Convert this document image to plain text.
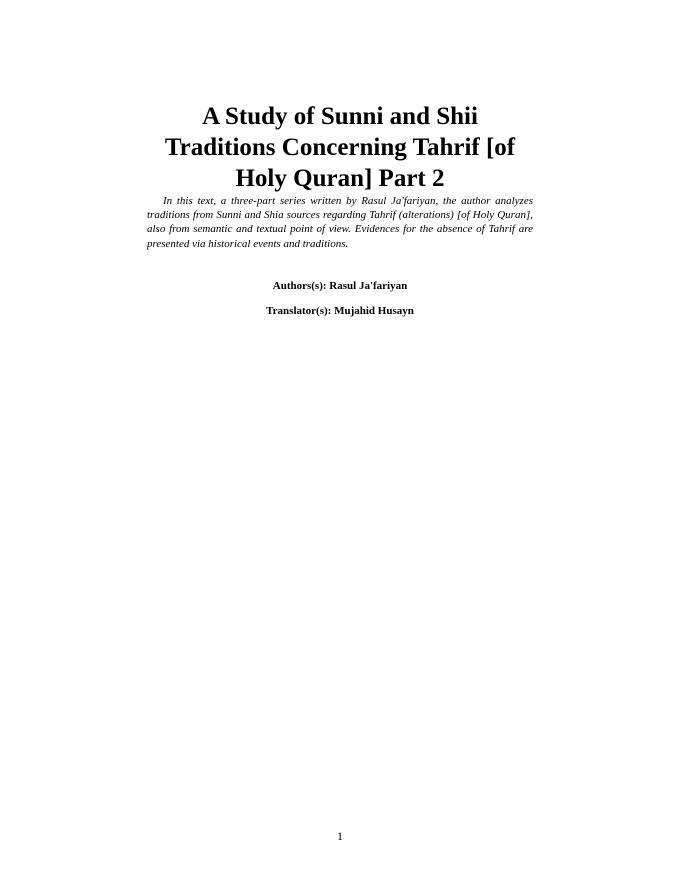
A Study of Sunni and Shii
Traditions Concerning Tahrif [of
Holy Quran] Part 2

In this text, a three-part series written by Rasul Ja'fariyan, the author analyzes traditions from Sunni and Shia sources regarding Tahrif (alterations) [of Holy Quran], also from semantic and textual point of view. Evidences for the absence of Tahrif are presented via historical events and traditions.

Authors(s): Rasul Ja'fariyan

Translator(s): Mujahid Husayn

1
